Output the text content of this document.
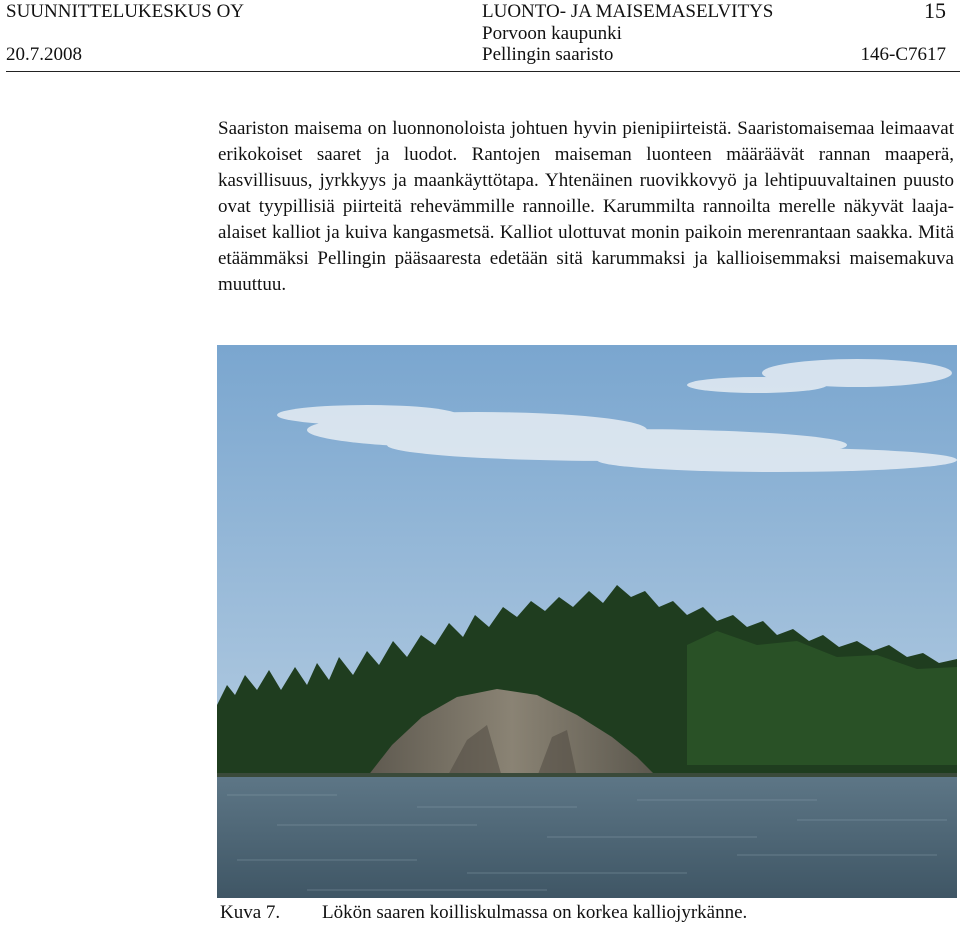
SUUNNITTELUKESKUS OY
20.7.2008
LUONTO- JA MAISEMASELVITYS
Porvoon kaupunki
Pellingin saaristo
15
146-C7617

Saariston maisema on luonnonoloista johtuen hyvin pienipiirteistä. Saaristomaisemaa leimaavat erikokoiset saaret ja luodot. Rantojen maiseman luonteen määräävät rannan maaperä, kasvillisuus, jyrkkyys ja maankäyttötapa. Yhtenäinen ruovikkovyö ja lehtipuuvaltainen puusto ovat tyypillisiä piirteitä rehevämmille rannoille. Karummilta rannoilta merelle näkyvät laaja-alaiset kalliot ja kuiva kangasmetsä. Kalliot ulottuvat monin paikoin merenrantaan saakka. Mitä etäämmäksi Pellingin pääsaaresta edetään sitä karummaksi ja kallioisemmaksi maisemakuva muuttuu.

Kuva 7. Lökön saaren koilliskulmassa on korkea kalliojyrkänne.
